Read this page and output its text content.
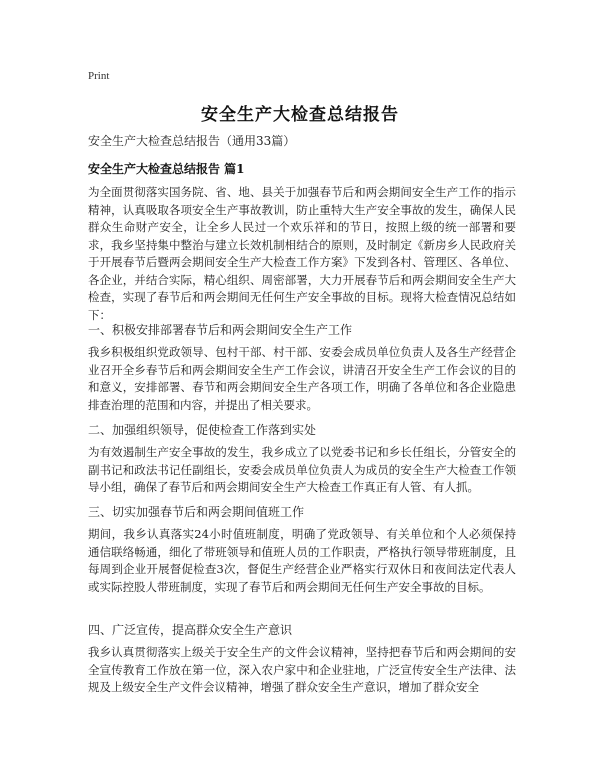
Print
安全生产大检查总结报告
安全生产大检查总结报告（通用33篇）
安全生产大检查总结报告 篇1

为全面贯彻落实国务院、省、地、县关于加强春节后和两会期间安全生产工作的指示精神，认真吸取各项安全生产事故教训，防止重特大生产安全事故的发生，确保人民群众生命财产安全，让全乡人民过一个欢乐祥和的节日，按照上级的统一部署和要求，我乡坚持集中整治与建立长效机制相结合的原则，及时制定《新房乡人民政府关于开展春节后暨两会期间安全生产大检查工作方案》下发到各村、管理区、各单位、各企业，并结合实际，精心组织、周密部署，大力开展春节后和两会期间安全生产大检查，实现了春节后和两会期间无任何生产安全事故的目标。现将大检查情况总结如下：

一、积极安排部署春节后和两会期间安全生产工作

我乡积极组织党政领导、包村干部、村干部、安委会成员单位负责人及各生产经营企业召开全乡春节后和两会期间安全生产工作会议，讲清召开安全生产工作会议的目的和意义，安排部署、春节和两会期间安全生产各项工作，明确了各单位和各企业隐患排查治理的范围和内容，并提出了相关要求。

二、加强组织领导，促使检查工作落到实处

为有效遏制生产安全事故的发生，我乡成立了以党委书记和乡长任组长，分管安全的副书记和政法书记任副组长，安委会成员单位负责人为成员的安全生产大检查工作领导小组，确保了春节后和两会期间安全生产大检查工作真正有人管、有人抓。

三、切实加强春节后和两会期间值班工作

期间，我乡认真落实24小时值班制度，明确了党政领导、有关单位和个人必须保持通信联络畅通，细化了带班领导和值班人员的工作职责，严格执行领导带班制度，且每周到企业开展督促检查3次，督促生产经营企业严格实行双休日和夜间法定代表人或实际控股人带班制度，实现了春节后和两会期间无任何生产安全事故的目标。

四、广泛宣传，提高群众安全生产意识

我乡认真贯彻落实上级关于安全生产的文件会议精神，坚持把春节后和两会期间的安全宣传教育工作放在第一位，深入农户家中和企业驻地，广泛宣传安全生产法律、法规及上级安全生产文件会议精神，增强了群众安全生产意识，增加了群众安全
